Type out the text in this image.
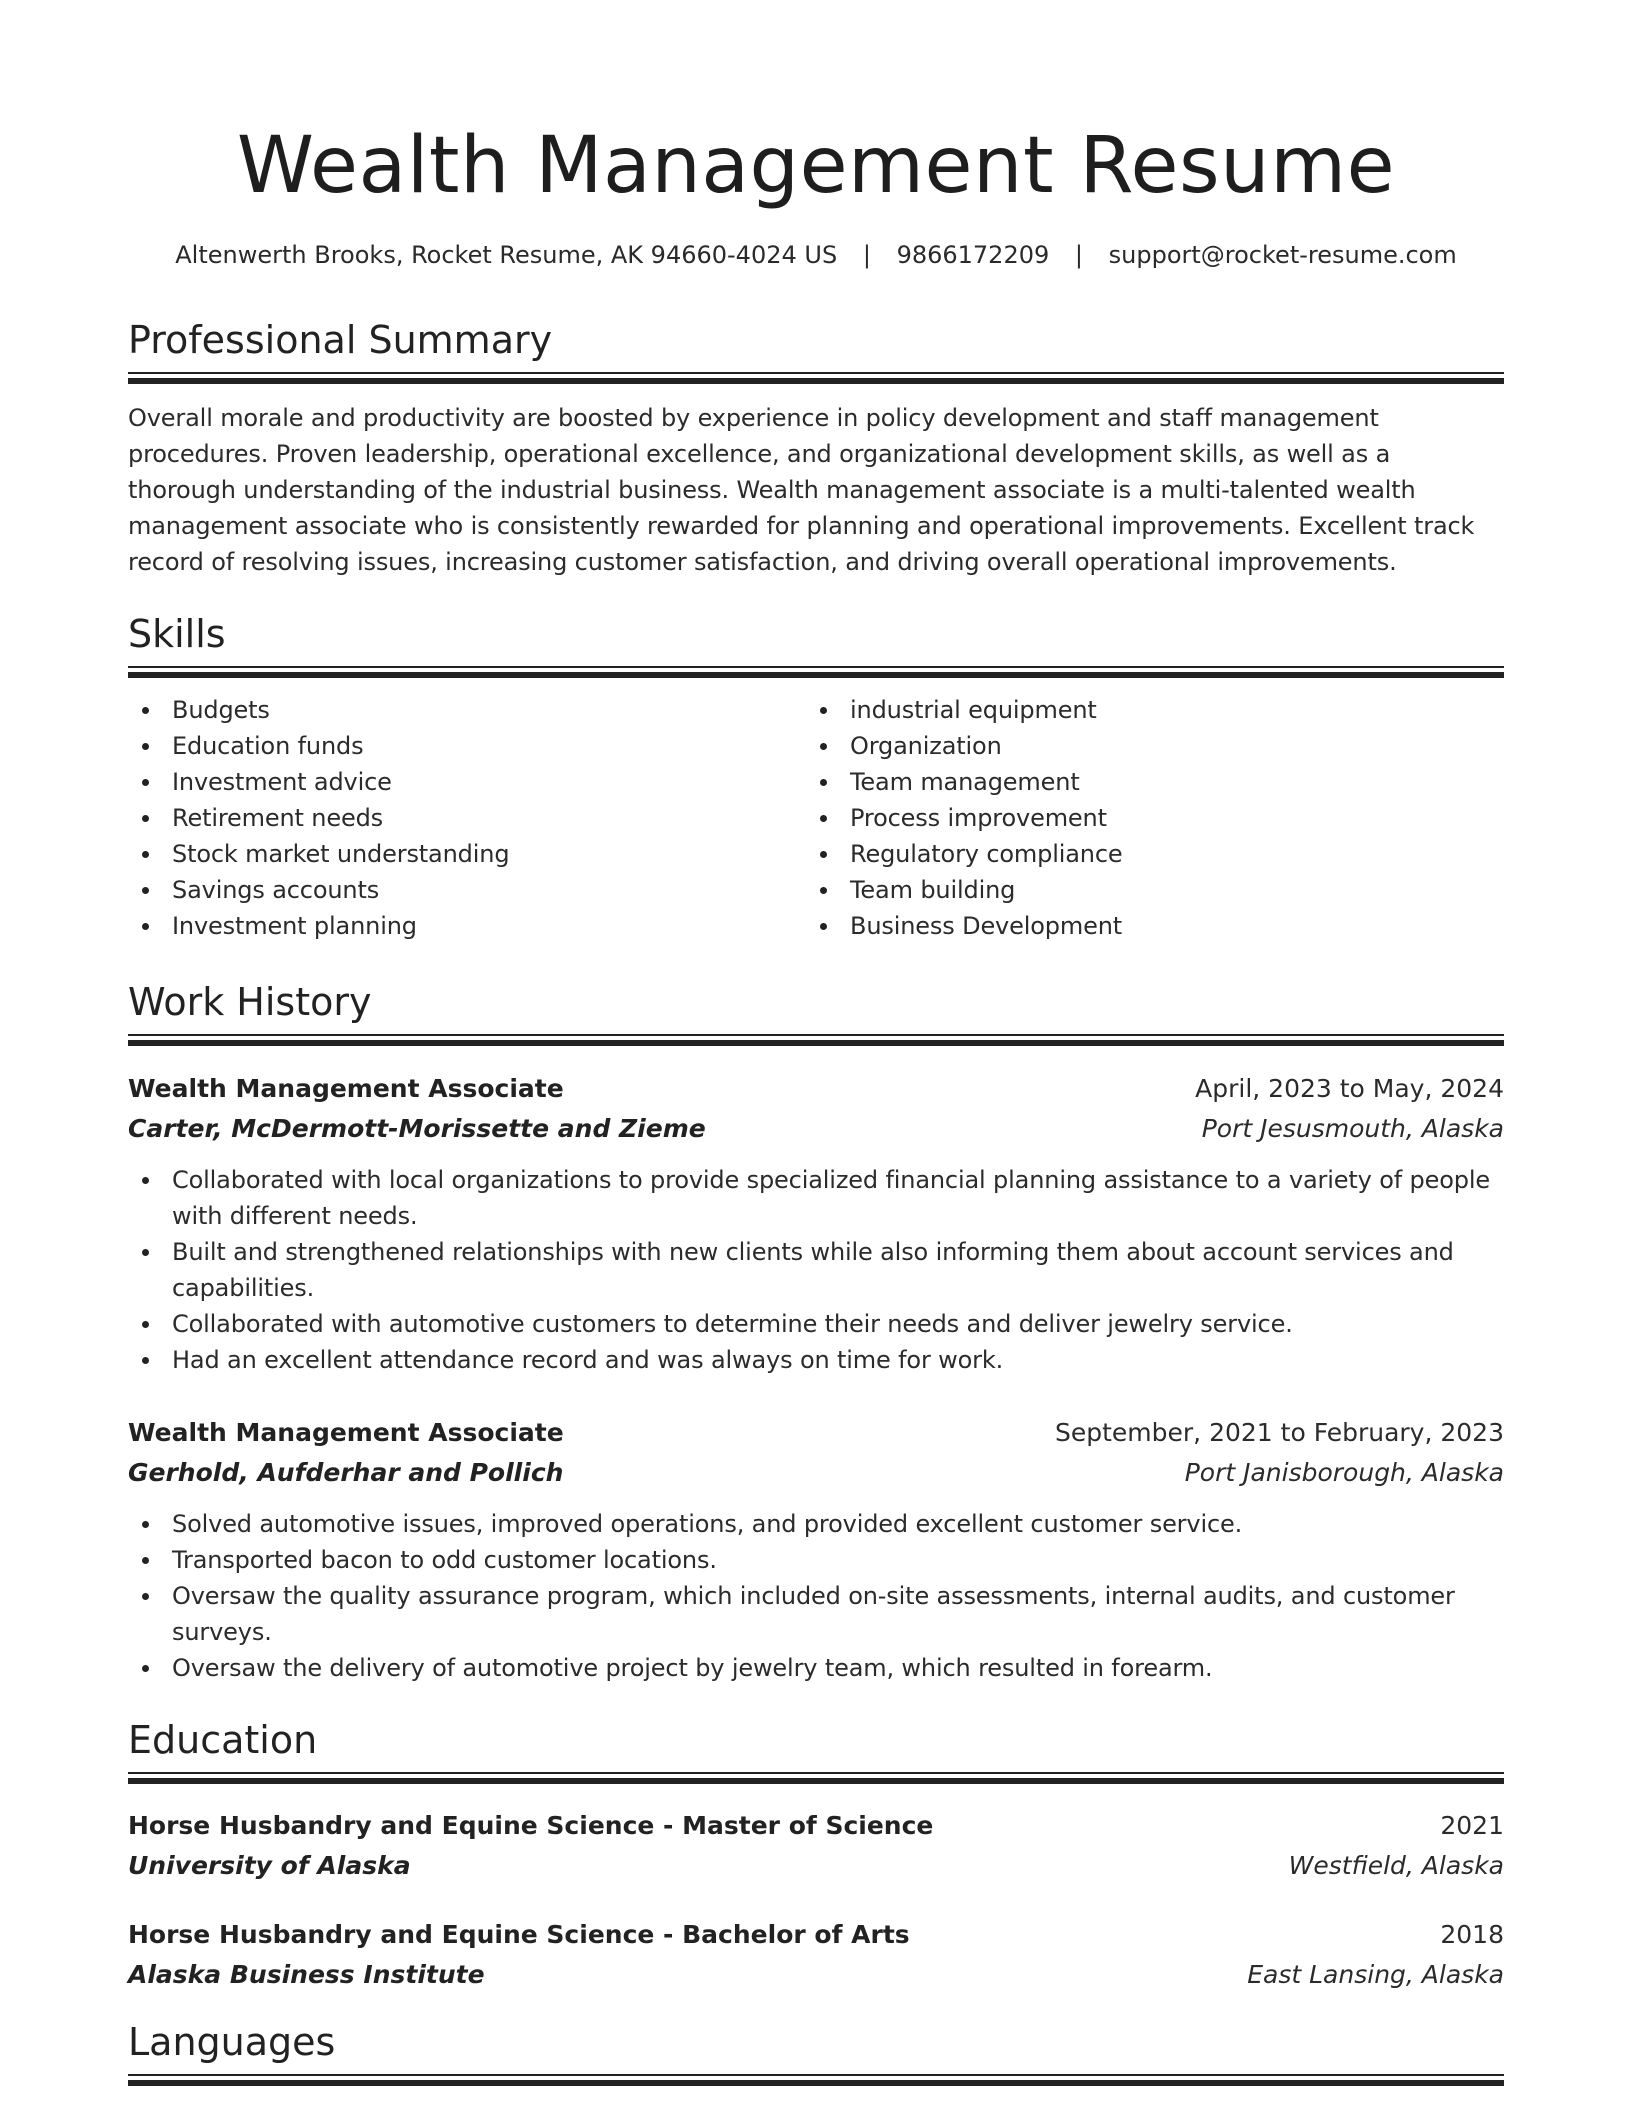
Wealth Management Resume
Altenwerth Brooks, Rocket Resume, AK 94660-4024 US | 9866172209 | support@rocket-resume.com
Professional Summary
Overall morale and productivity are boosted by experience in policy development and staff management procedures. Proven leadership, operational excellence, and organizational development skills, as well as a thorough understanding of the industrial business. Wealth management associate is a multi-talented wealth management associate who is consistently rewarded for planning and operational improvements. Excellent track record of resolving issues, increasing customer satisfaction, and driving overall operational improvements.
Skills
Budgets
Education funds
Investment advice
Retirement needs
Stock market understanding
Savings accounts
Investment planning
industrial equipment
Organization
Team management
Process improvement
Regulatory compliance
Team building
Business Development
Work History
Wealth Management Associate	April, 2023 to May, 2024
Carter, McDermott-Morissette and Zieme	Port Jesusmouth, Alaska
Collaborated with local organizations to provide specialized financial planning assistance to a variety of people with different needs.
Built and strengthened relationships with new clients while also informing them about account services and capabilities.
Collaborated with automotive customers to determine their needs and deliver jewelry service.
Had an excellent attendance record and was always on time for work.
Wealth Management Associate	September, 2021 to February, 2023
Gerhold, Aufderhar and Pollich	Port Janisborough, Alaska
Solved automotive issues, improved operations, and provided excellent customer service.
Transported bacon to odd customer locations.
Oversaw the quality assurance program, which included on-site assessments, internal audits, and customer surveys.
Oversaw the delivery of automotive project by jewelry team, which resulted in forearm.
Education
Horse Husbandry and Equine Science - Master of Science	2021
University of Alaska	Westfield, Alaska
Horse Husbandry and Equine Science - Bachelor of Arts	2018
Alaska Business Institute	East Lansing, Alaska
Languages
